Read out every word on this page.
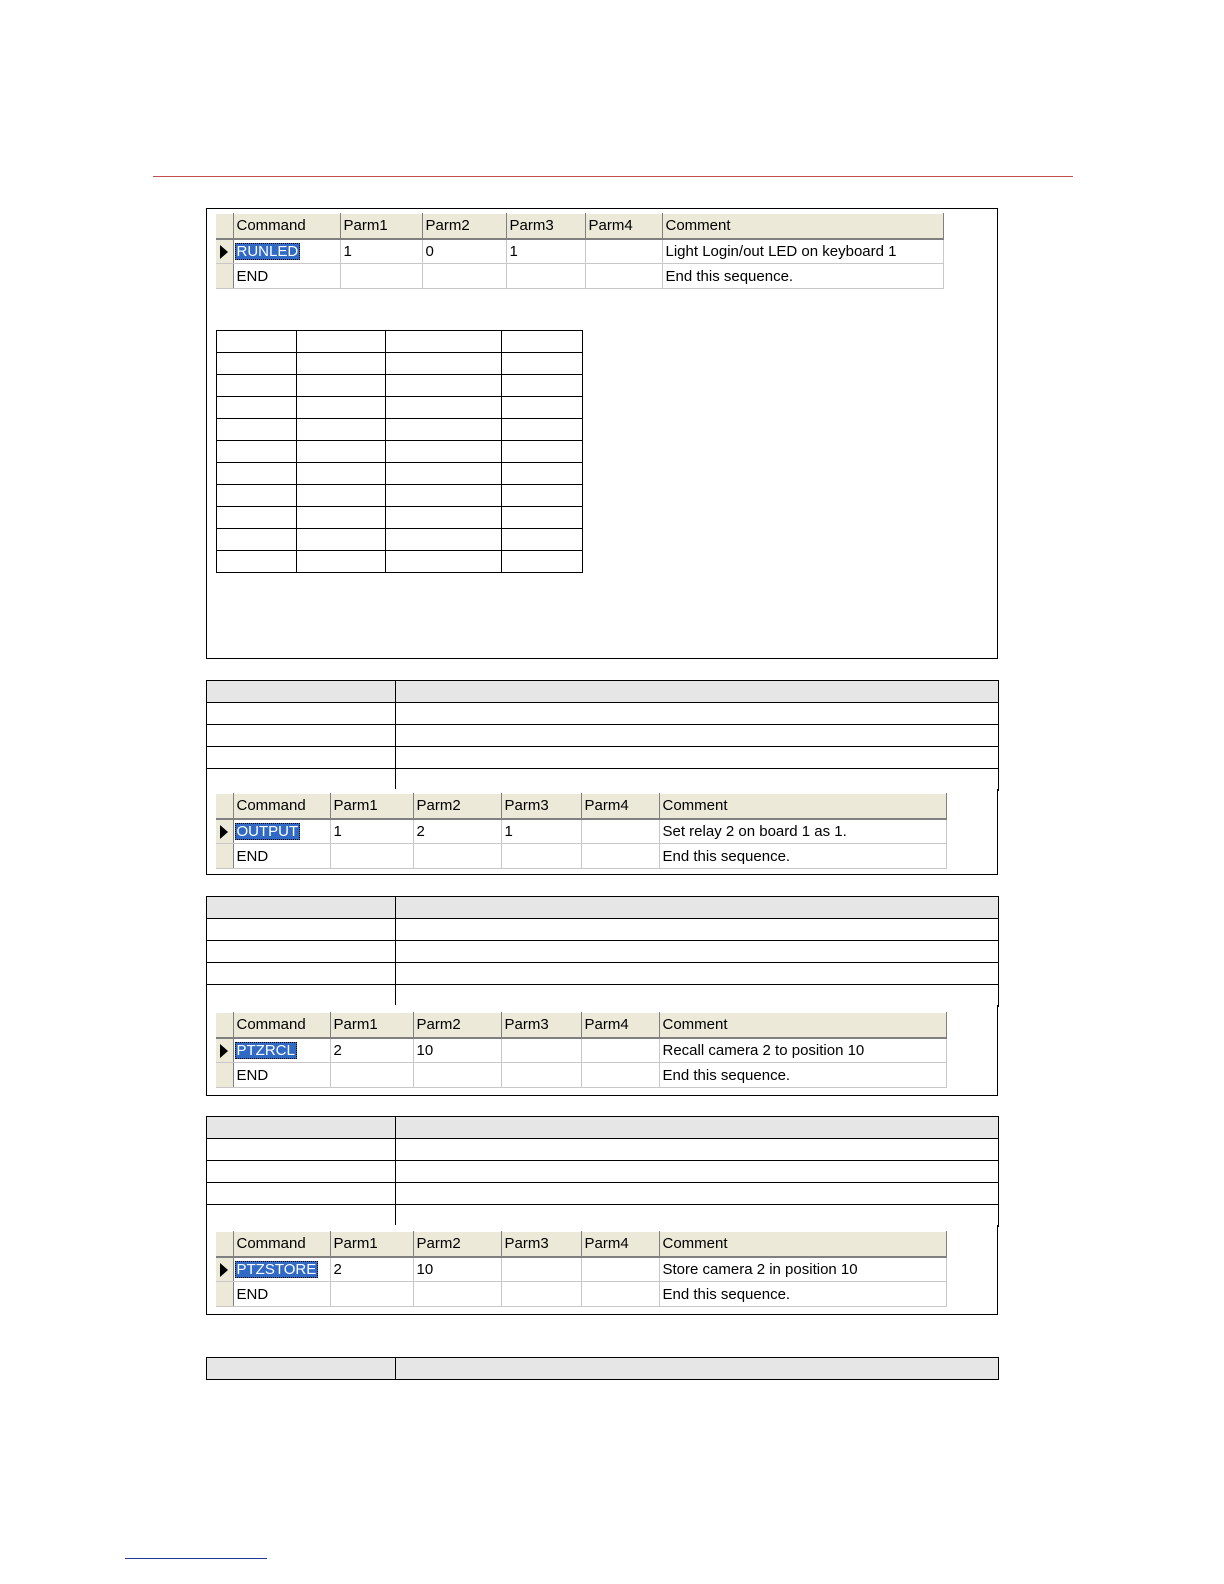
	Command	Parm1	Parm2	Parm3	Parm4	Comment
	RUNLED	1	0	1		Light Login/out LED on keyboard 1
	END					End this sequence.

	Command	Parm1	Parm2	Parm3	Parm4	Comment
	OUTPUT	1	2	1		Set relay 2 on board 1 as 1.
	END					End this sequence.

	Command	Parm1	Parm2	Parm3	Parm4	Comment
	PTZRCL	2	10			Recall camera 2 to position 10
	END					End this sequence.

	Command	Parm1	Parm2	Parm3	Parm4	Comment
	PTZSTORE	2	10			Store camera 2 in position 10
	END					End this sequence.
